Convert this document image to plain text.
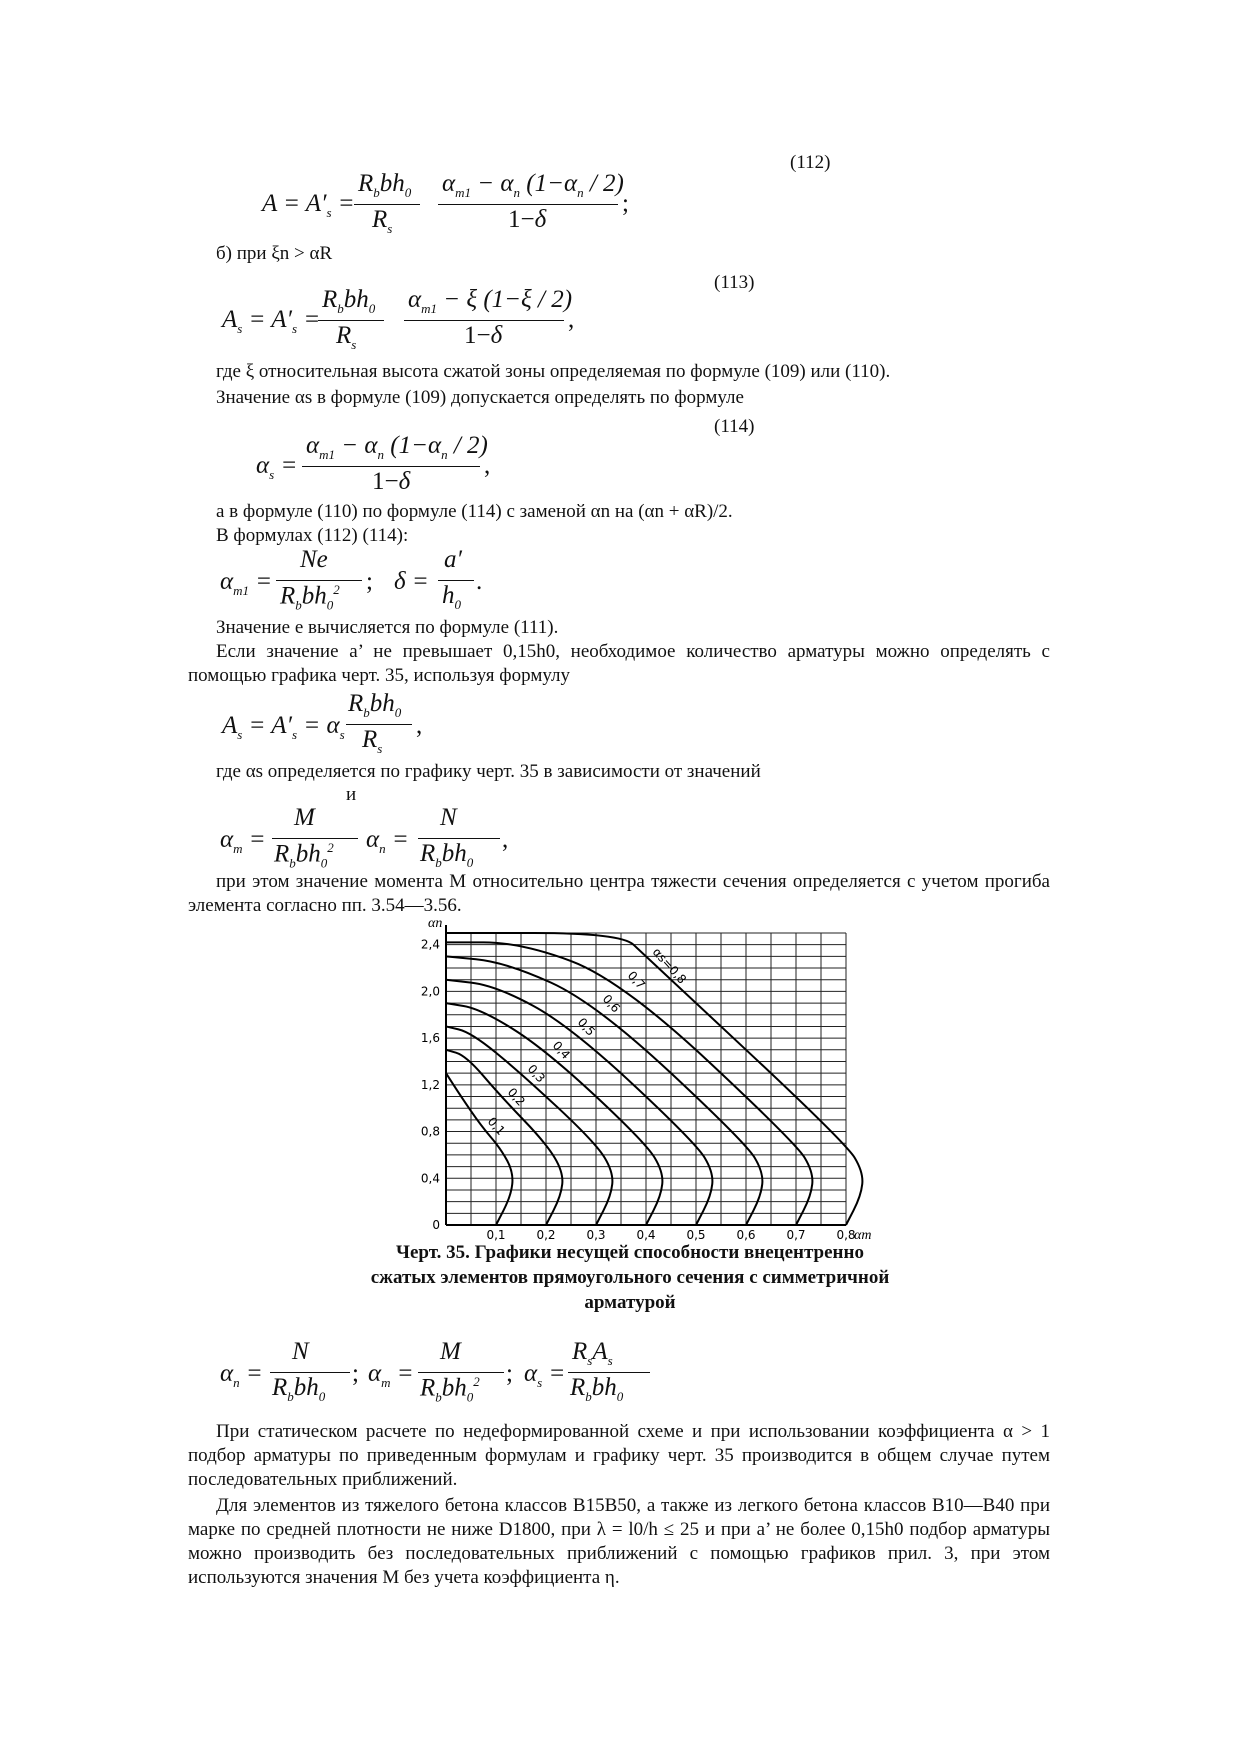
(112)
(113)
(114)
$A = A'_s$ =
$R_bbh_0$
$R_s$
$\alpha_{m1} - \alpha_n$ $(1-\alpha_n / 2)$
1−δ
;
б) при ξn > αR
$A_s = A'_s$ =
$R_bbh_0$
$R_s$
$\alpha_{m1} - \xi$ (1−ξ / 2)
1−δ
,
где ξ относительная высота сжатой зоны определяемая по формуле (109) или (110).
Значение αs в формуле (109) допускается определять по формуле
$\alpha_s$ =
$\alpha_{m1} - \alpha_n$ $(1-\alpha_n / 2)$
1−δ
,
а в формуле (110) по формуле (114) с заменой αn на (αn + αR)/2.
В формулах (112) (114):
$\alpha_{m1}$ =
Ne
$R_bbh_0^2$ ; δ =
a′
$h_0$
.
Значение e вычисляется по формуле (111).
Если значение a’ не превышает 0,15h0, необходимое количество арматуры можно определять с помощью графика черт. 35, используя формулу
$A_s = A'_s = \alpha_s$
$R_bbh_0$
$R_s$
,
где αs определяется по графику черт. 35 в зависимости от значений
и
$\alpha_m$ =
M
$R_bbh_0^2$ $\alpha_n$ =
N
$R_bbh_0$
,
при этом значение момента M относительно центра тяжести сечения определяется с учетом прогиба элемента согласно пп. 3.54—3.56.
0,1	0,2	0,3	0,4	0,5	0,6	0,7	0,8
0
0,4
0,8
1,2
1,6
2,0
2,4
αm
αn
0,1
0,2
0,3
0,4
0,5
0,6
0,7 αs=0,8
Черт. 35. Графики несущей способности внецентренно
сжатых элементов прямоугольного сечения с симметричной
арматурой
$\alpha_n$ =
N
$R_bbh_0$
; $\alpha_m$ =
M
$R_bbh_0^2$ ; $\alpha_s$ =
$R_sA_s$
$R_bbh_0$
При статическом расчете по недеформированной схеме и при использовании коэффициента α > 1 подбор арматуры по приведенным формулам и графику черт. 35 производится в общем случае путем последовательных приближений.
Для элементов из тяжелого бетона классов В15В50, а также из легкого бетона классов В10—В40 при марке по средней плотности не ниже D1800, при λ = l0/h ≤ 25 и при a’ не более 0,15h0 подбор арматуры можно производить без последовательных приближений с помощью графиков прил. 3, при этом используются значения M без учета коэффициента η.
